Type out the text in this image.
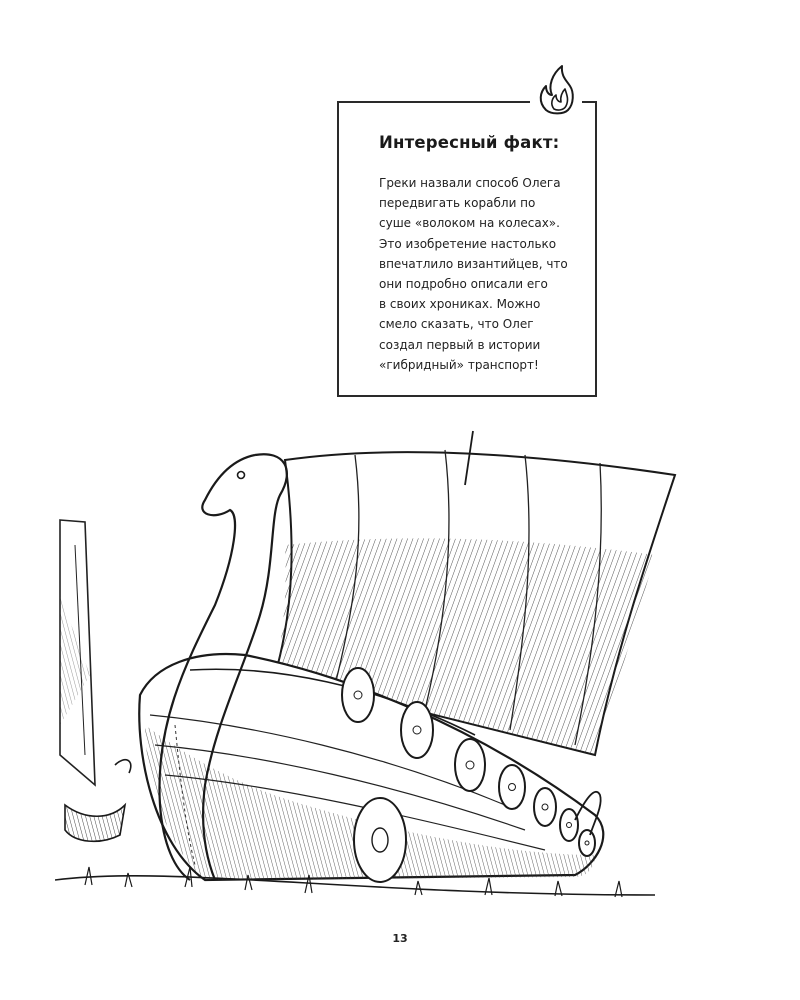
Интересный факт:
Греки назвали способ Олега
передвигать корабли по
суше «волоком на колесах».
Это изобретение настолько
впечатлило византийцев, что
они подробно описали его
в своих хрониках. Можно
смело сказать, что Олег
создал первый в истории
«гибридный» транспорт!
13
